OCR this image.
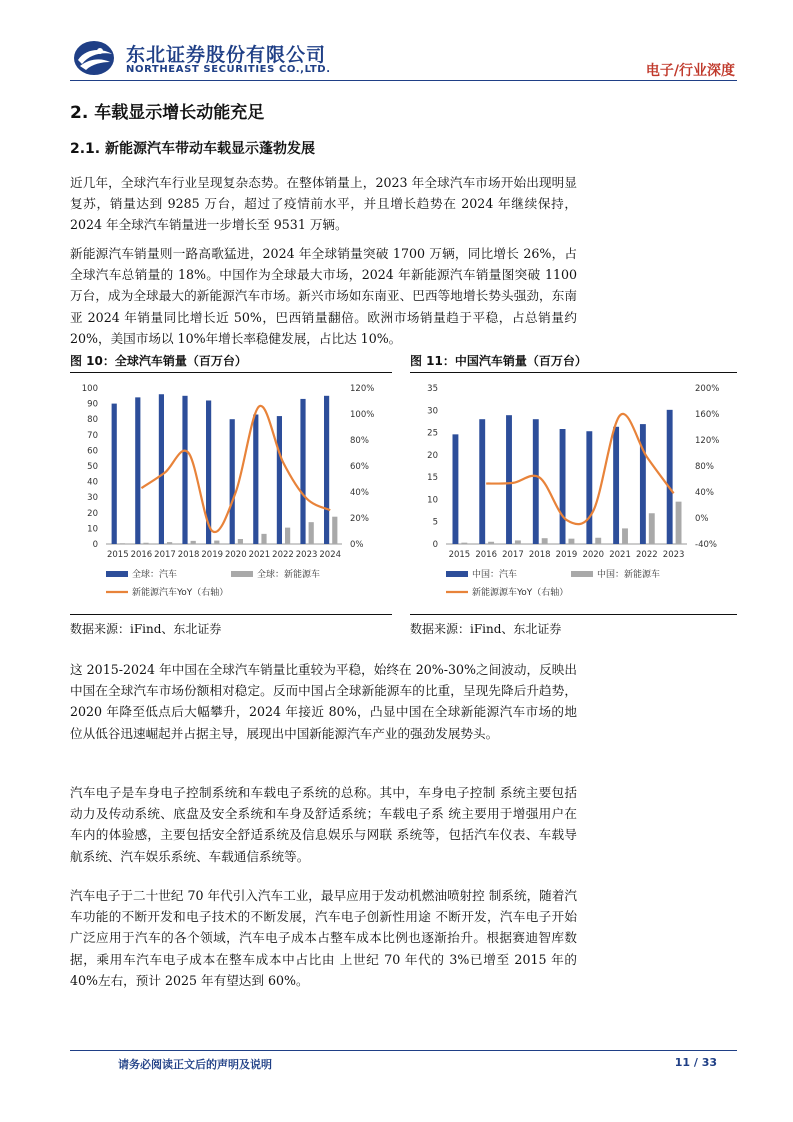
东北证券股份有限公司
NORTHEAST SECURITIES CO.,LTD.	电子/行业深度
2. 车载显示增长动能充足
2.1. 新能源汽车带动车载显示蓬勃发展

近几年，全球汽车行业呈现复杂态势。在整体销量上，2023 年全球汽车市场开始出现明显复苏，销量达到 9285 万台，超过了疫情前水平，并且增长趋势在 2024 年继续保持，2024 年全球汽车销量进一步增长至 9531 万辆。

新能源汽车销量则一路高歌猛进，2024 年全球销量突破 1700 万辆，同比增长 26%，占全球汽车总销量的 18%。中国作为全球最大市场，2024 年新能源汽车销量图突破 1100 万台，成为全球最大的新能源汽车市场。新兴市场如东南亚、巴西等地增长势头强劲，东南亚 2024 年销量同比增长近 50%，巴西销量翻倍。欧洲市场销量趋于平稳，占总销量约 20%，美国市场以 10%年增长率稳健发展，占比达 10%。

图 10：全球汽车销量（百万台）	图 11：中国汽车销量（百万台）
0
10
20
30
40
50
60
70
80
90
100
0%
20%
40%
60%
80%
100%
120%
2015 2016 2017 2018 2019 2020 2021 2022 2023 2024
全球：汽车	全球：新能源车
新能源汽车YoY（右轴）
0
5
10
15
20
25
30
35
-40%
0%
40%
80%
120%
160%
200%
2015 2016 2017 2018 2019 2020 2021 2022 2023
中国：汽车	中国：新能源车
新能源源车YoY（右轴）
数据来源：iFind、东北证券	数据来源：iFind、东北证券

这 2015-2024 年中国在全球汽车销量比重较为平稳，始终在 20%-30%之间波动，反映出中国在全球汽车市场份额相对稳定。反而中国占全球新能源车的比重，呈现先降后升趋势，2020 年降至低点后大幅攀升，2024 年接近 80%，凸显中国在全球新能源汽车市场的地位从低谷迅速崛起并占据主导，展现出中国新能源汽车产业的强劲发展势头。

汽车电子是车身电子控制系统和车载电子系统的总称。其中，车身电子控制 系统主要包括动力及传动系统、底盘及安全系统和车身及舒适系统；车载电子系 统主要用于增强用户在车内的体验感，主要包括安全舒适系统及信息娱乐与网联 系统等，包括汽车仪表、车载导航系统、汽车娱乐系统、车载通信系统等。

汽车电子于二十世纪 70 年代引入汽车工业，最早应用于发动机燃油喷射控 制系统，随着汽车功能的不断开发和电子技术的不断发展，汽车电子创新性用途 不断开发，汽车电子开始广泛应用于汽车的各个领域，汽车电子成本占整车成本比例也逐渐抬升。根据赛迪智库数据，乘用车汽车电子成本在整车成本中占比由 上世纪 70 年代的 3%已增至 2015 年的 40%左右，预计 2025 年有望达到 60%。

请务必阅读正文后的声明及说明	11 / 33
